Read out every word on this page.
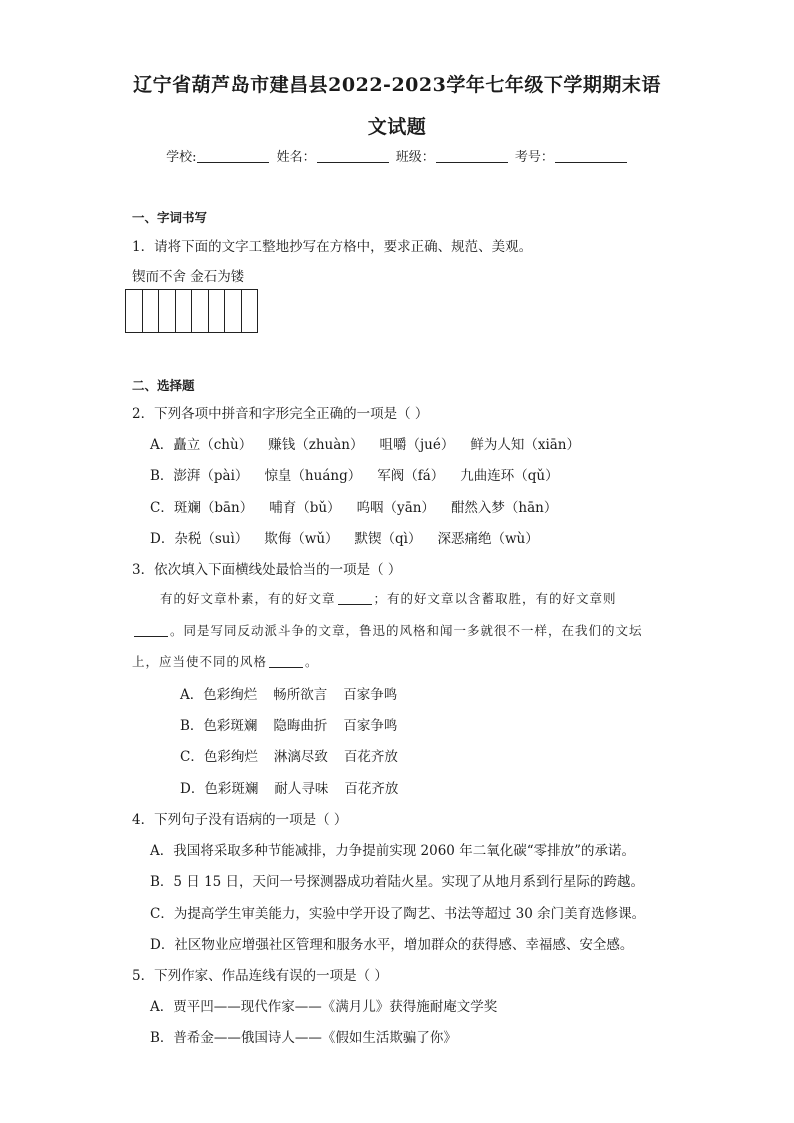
辽宁省葫芦岛市建昌县2022-2023学年七年级下学期期末语
文试题
学校:	姓名：	班级：	考号：
一、字词书写
1．请将下面的文字工整地抄写在方格中，要求正确、规范、美观。
锲而不舍 金石为镂
二、选择题
2．下列各项中拼音和字形完全正确的一项是（ ）
A．矗立（chù） 赚钱（zhuàn） 咀嚼（jué） 鲜为人知（xiān）
B．澎湃（pài） 惊皇（huáng） 军阀（fá） 九曲连环（qǔ）
C．斑斓（bān） 哺育（bǔ） 呜咽（yān） 酣然入梦（hān）
D．杂税（suì） 欺侮（wǔ） 默锲（qì） 深恶痛绝（wù）
3．依次填入下面横线处最恰当的一项是（ ）
有的好文章朴素，有的好文章	；有的好文章以含蓄取胜，有的好文章则
。同是写同反动派斗争的文章，鲁迅的风格和闻一多就很不一样，在我们的文坛
上，应当使不同的风格	。
A．色彩绚烂 畅所欲言 百家争鸣
B．色彩斑斓 隐晦曲折 百家争鸣
C．色彩绚烂 淋漓尽致 百花齐放
D．色彩斑斓 耐人寻味 百花齐放
4．下列句子没有语病的一项是（ ）
A．我国将采取多种节能减排，力争提前实现 2060 年二氧化碳“零排放”的承诺。
B．5 日 15 日，天问一号探测器成功着陆火星。实现了从地月系到行星际的跨越。
C．为提高学生审美能力，实验中学开设了陶艺、书法等超过 30 余门美育选修课。
D．社区物业应增强社区管理和服务水平，增加群众的获得感、幸福感、安全感。
5．下列作家、作品连线有误的一项是（ ）
A．贾平凹——现代作家——《满月儿》获得施耐庵文学奖
B．普希金——俄国诗人——《假如生活欺骗了你》
